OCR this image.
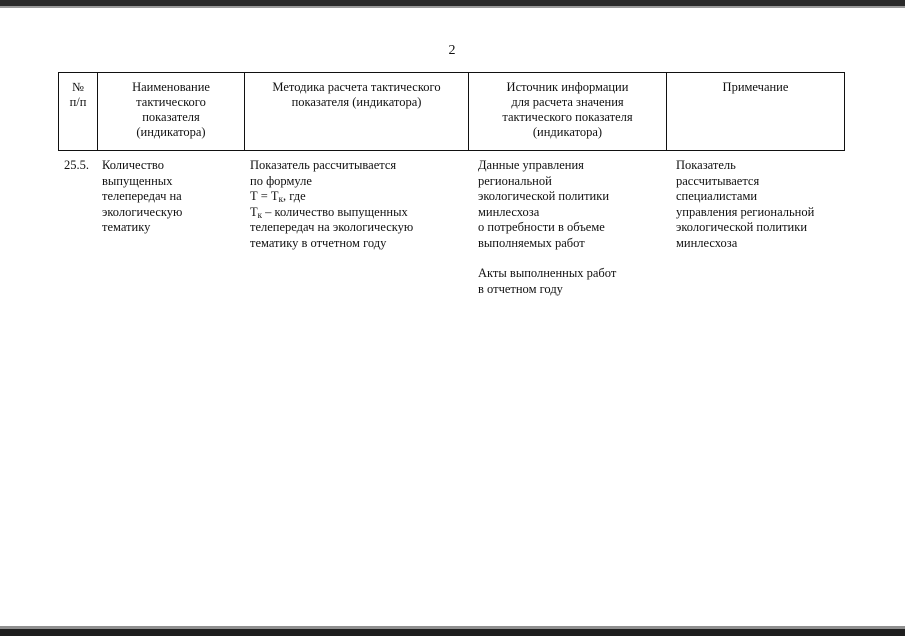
2
№
п/п
Наименование
тактического
показателя
(индикатора)
Методика расчета тактического
показателя (индикатора)
Источник информации
для расчета значения
тактического показателя
(индикатора)
Примечание
25.5. Количество
выпущенных
телепередач на
экологическую
тематику
Показатель рассчитывается
по формуле
$Т = Т_к$, где
$Т_к$ – количество выпущенных
телепередач на экологическую
тематику в отчетном году
Данные управления
региональной
экологической политики
минлесхоза
о потребности в объеме
выполняемых работ
Акты выполненных работ
в отчетном году
Показатель
рассчитывается
специалистами
управления региональной
экологической политики
минлесхоза
